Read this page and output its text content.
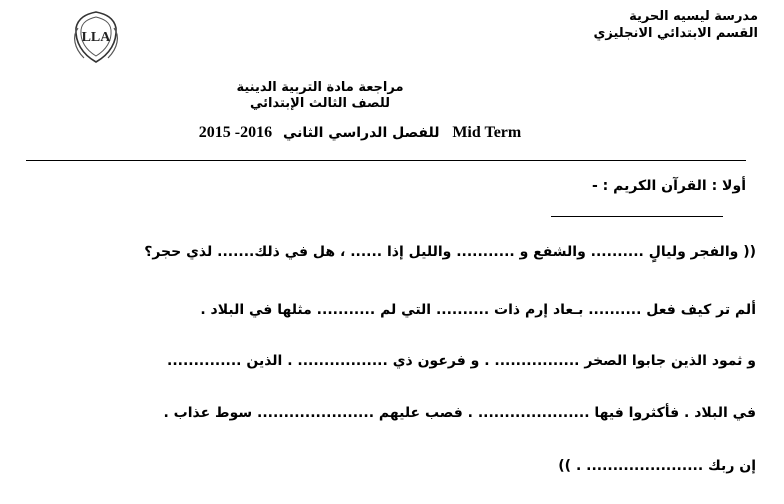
LLA
مدرسة ليسيه الحرية
القسم الابتدائي الانجليزي
مراجعة مادة التربية الدينية
للصف الثالث الإبتدائي
2015 -2016 للفصل الدراسي الثاني Mid Term
أولا : القرآن الكريم : -
(( والفجر وليالٍ .......... والشفع و ........... والليل إذا ...... ، هل في ذلك....... لذي حجر؟
ألم تر كيف فعل .......... بـعاد إرم ذات .......... التي لم ........... مثلها في البلاد .
و ثمود الذين جابوا الصخر ................ . و فرعون ذي ................. . الذين ..............
في البلاد . فأكثروا فيها ..................... . فصب عليهم ...................... سوط عذاب .
إن ربك ...................... . ))
